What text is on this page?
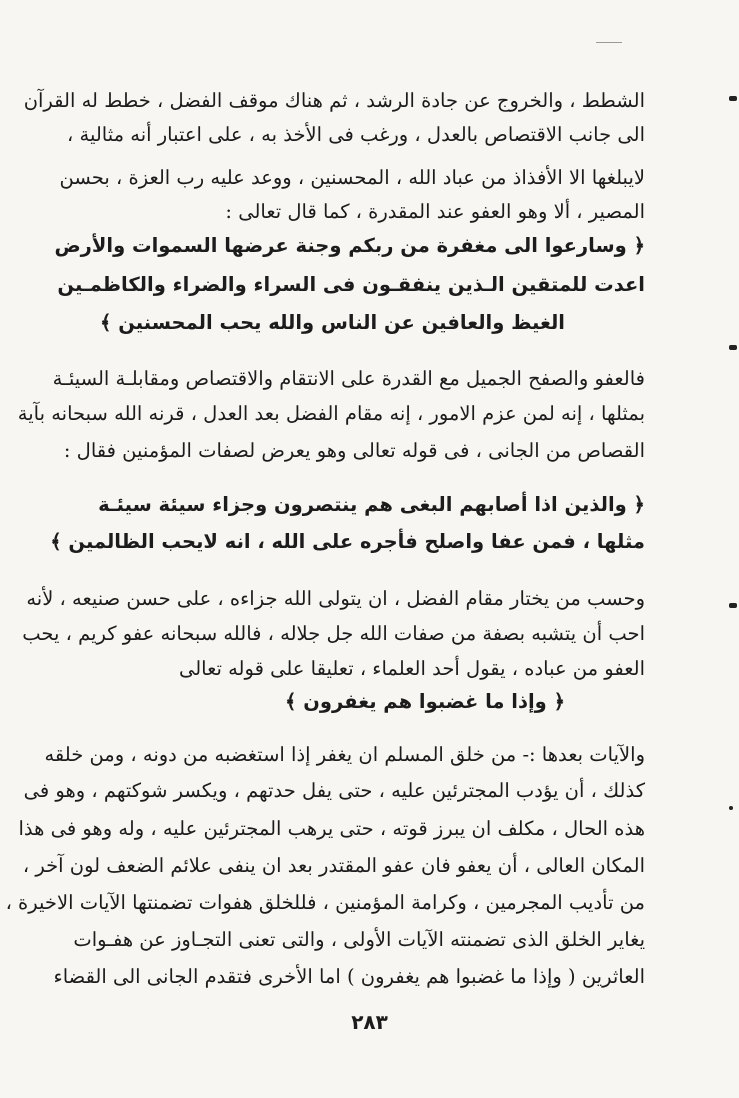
الشطط ، والخروج عن جادة الرشد ، ثم هناك موقف الفضل ، خطط له القرآن
الى جانب الاقتصاص بالعدل ، ورغب فى الأخذ به ، على اعتبار أنه مثالية ،
لايبلغها الا الأفذاذ من عباد الله ، المحسنين ، ووعد عليه رب العزة ، بحسن
المصير ، ألا وهو العفو عند المقدرة ، كما قال تعالى :
﴿ وسارعوا الى مغفرة من ربكم وجنة عرضها السموات والأرض
اعدت للمتقين الـذين ينفقـون فى السراء والضراء والكاظمـين
الغيظ والعافين عن الناس والله يحب المحسنين ﴾
فالعفو والصفح الجميل مع القدرة على الانتقام والاقتصاص ومقابلـة السيئـة
بمثلها ، إنه لمن عزم الامور ، إنه مقام الفضل بعد العدل ، قرنه الله سبحانه بآية
القصاص من الجانى ، فى قوله تعالى وهو يعرض لصفات المؤمنين فقال :
﴿ والذين اذا أصابهم البغى هم ينتصرون وجزاء سيئة سيئـة
مثلها ، فمن عفا واصلح فأجره على الله ، انه لايحب الظالمين ﴾
وحسب من يختار مقام الفضل ، ان يتولى الله جزاءه ، على حسن صنيعه ، لأنه
احب أن يتشبه بصفة من صفات الله جل جلاله ، فالله سبحانه عفو كريم ، يحب
العفو من عباده ، يقول أحد العلماء ، تعليقا على قوله تعالى
﴿ وإذا ما غضبوا هم يغفرون ﴾
والآيات بعدها :- من خلق المسلم ان يغفر إذا استغضبه من دونه ، ومن خلقه
كذلك ، أن يؤدب المجترئين عليه ، حتى يفل حدتهم ، ويكسر شوكتهم ، وهو فى
هذه الحال ، مكلف ان يبرز قوته ، حتى يرهب المجترئين عليه ، وله وهو فى هذا
المكان العالى ، أن يعفو فان عفو المقتدر بعد ان ينفى علائم الضعف لون آخر ،
من تأديب المجرمين ، وكرامة المؤمنين ، فللخلق هفوات تضمنتها الآيات الاخيرة ،
يغاير الخلق الذى تضمنته الآيات الأولى ، والتى تعنى التجـاوز عن هفـوات
العاثرين ( وإذا ما غضبوا هم يغفرون ) اما الأخرى فتقدم الجانى الى القضاء
٢٨٣
